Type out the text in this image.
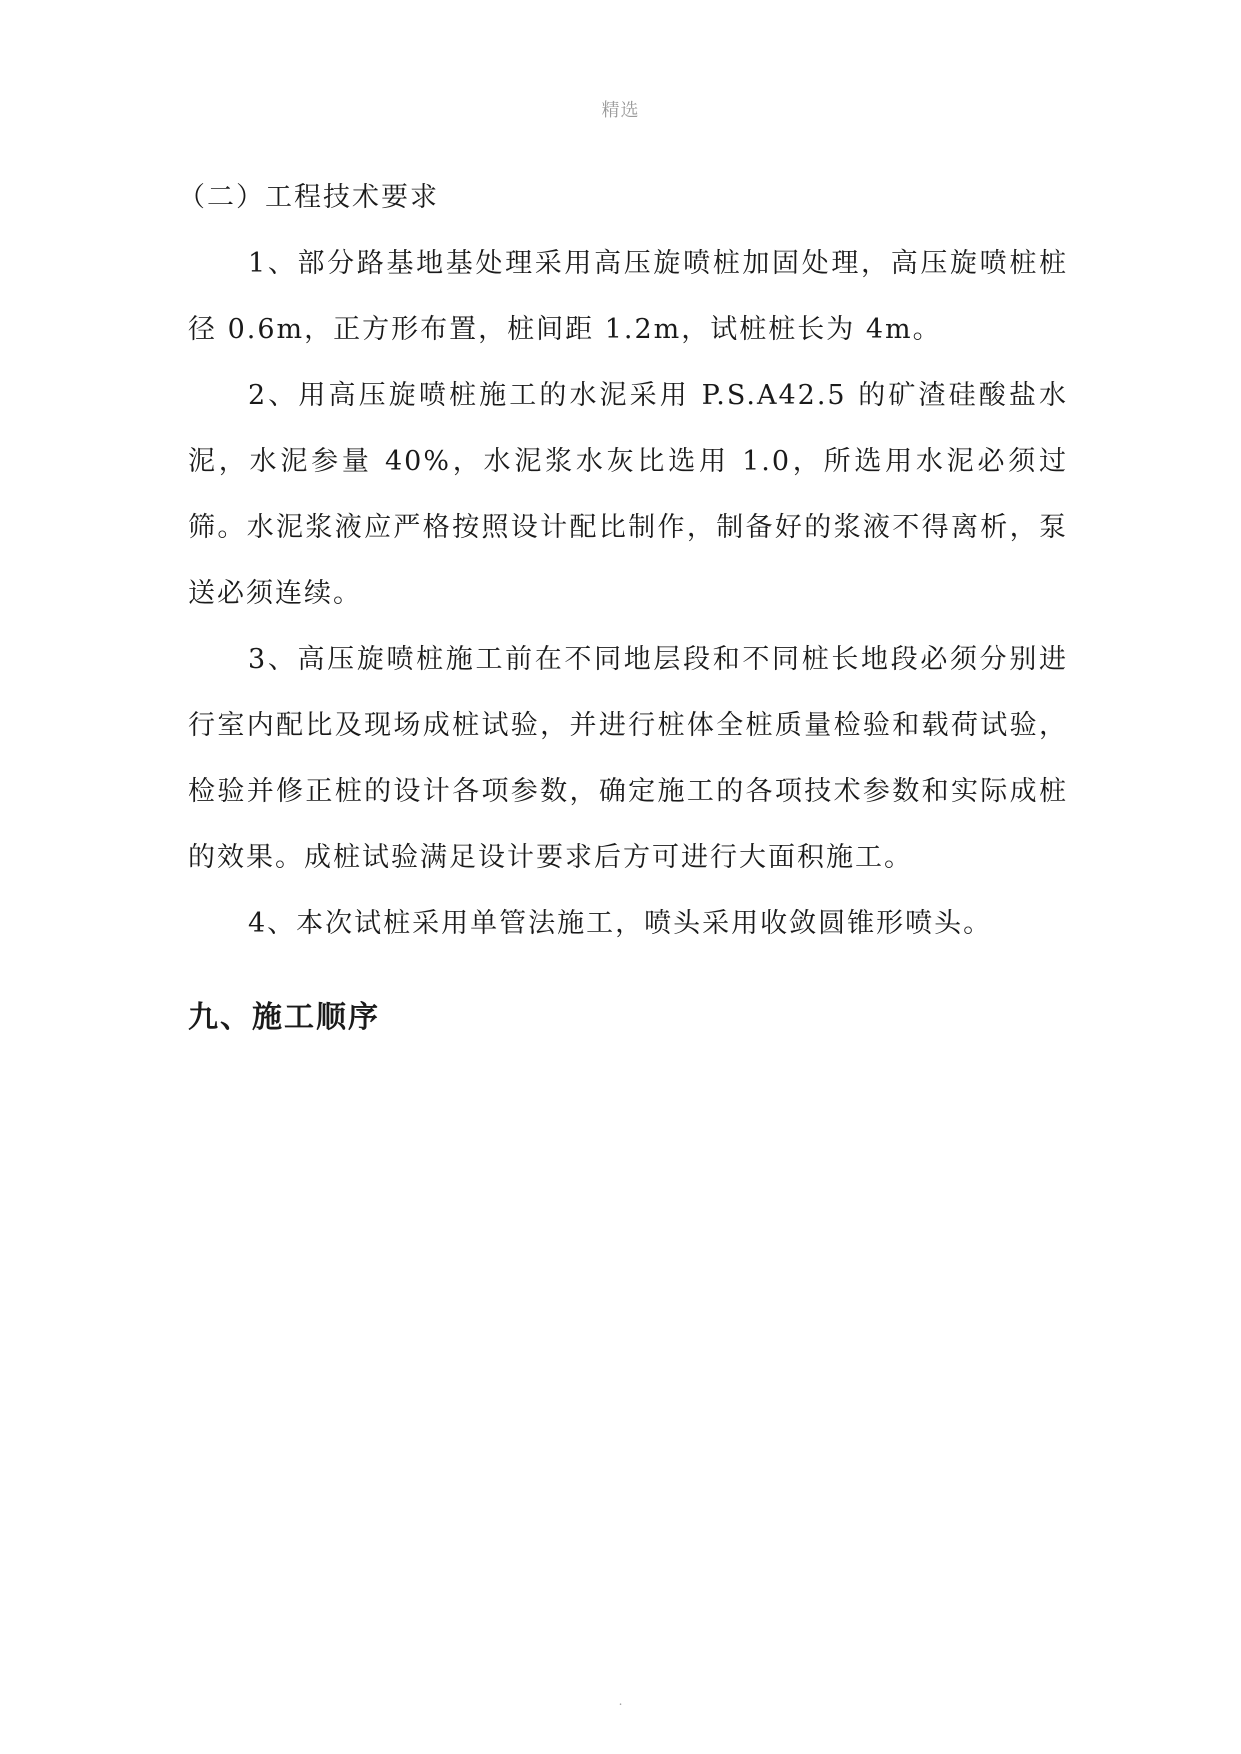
精选

（二）工程技术要求

1、部分路基地基处理采用高压旋喷桩加固处理，高压旋喷桩桩径 0.6m，正方形布置，桩间距 1.2m，试桩桩长为 4m。

2、用高压旋喷桩施工的水泥采用 P.S.A42.5 的矿渣硅酸盐水泥，水泥参量 40%，水泥浆水灰比选用 1.0，所选用水泥必须过筛。水泥浆液应严格按照设计配比制作，制备好的浆液不得离析，泵送必须连续。

3、高压旋喷桩施工前在不同地层段和不同桩长地段必须分别进行室内配比及现场成桩试验，并进行桩体全桩质量检验和载荷试验，检验并修正桩的设计各项参数，确定施工的各项技术参数和实际成桩的效果。成桩试验满足设计要求后方可进行大面积施工。

4、本次试桩采用单管法施工，喷头采用收敛圆锥形喷头。

九、施工顺序
.
